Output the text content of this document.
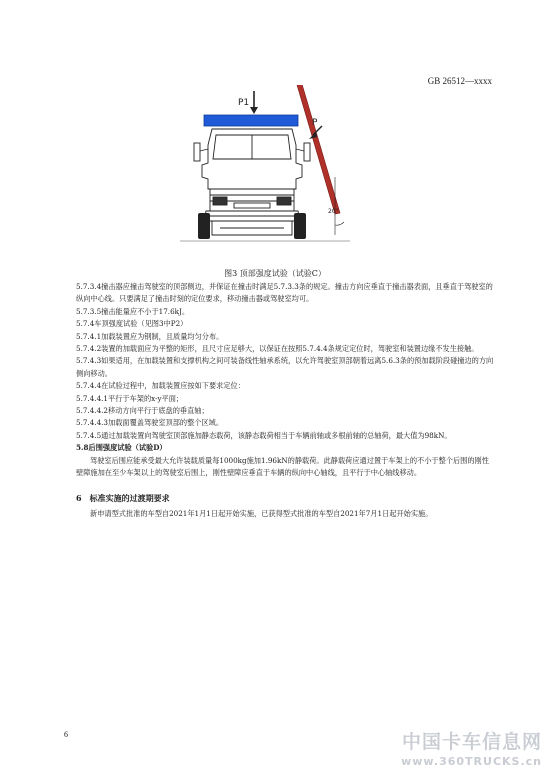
GB 26512—xxxx
P1
P
20°
图3 顶部强度试验（试验C）

5.7.3.4撞击器应撞击驾驶室的顶部侧边，并保证在撞击时满足5.7.3.3条的规定。撞击方向应垂直于撞击器表面，且垂直于驾驶室的纵向中心线。只要满足了撞击时刻的定位要求，移动撞击器或驾驶室均可。

5.7.3.5撞击能量应不小于17.6kJ。

5.7.4车顶强度试验（见图3中P2）

5.7.4.1加载装置应为钢制，且质量均匀分布。

5.7.4.2装置的加载面应为平整的矩形，且尺寸应足够大，以保证在按照5.7.4.4条规定定位时，驾驶室和装置边缘不发生接触。

5.7.4.3如果适用，在加载装置和支撑机构之间可装备线性轴承系统，以允许驾驶室顶部朝着远离5.6.3条的预加载阶段碰撞边的方向侧向移动。

5.7.4.4在试验过程中，加载装置应按如下要求定位：

5.7.4.4.1平行于车架的x-y平面；

5.7.4.4.2移动方向平行于底盘的垂直轴；

5.7.4.4.3加载面覆盖驾驶室顶部的整个区域。

5.7.4.5通过加载装置向驾驶室顶部施加静态载荷，该静态载荷相当于车辆前轴或多根前轴的总轴荷，最大值为98kN。

5.8后围强度试验（试验D）

驾驶室后围应能承受最大允许装载质量每1000kg施加1.96kN的静载荷。此静载荷应通过置于车架上的不小于整个后围的刚性壁障施加在至少车架以上的驾驶室后围上，刚性壁障应垂直于车辆的纵向中心轴线，且平行于中心轴线移动。

6　标准实施的过渡期要求

新申请型式批准的车型自2021年1月1日起开始实施，已获得型式批准的车型自2021年7月1日起开始实施。

6	中国卡车信息网
www.360TRUCKS.cn
